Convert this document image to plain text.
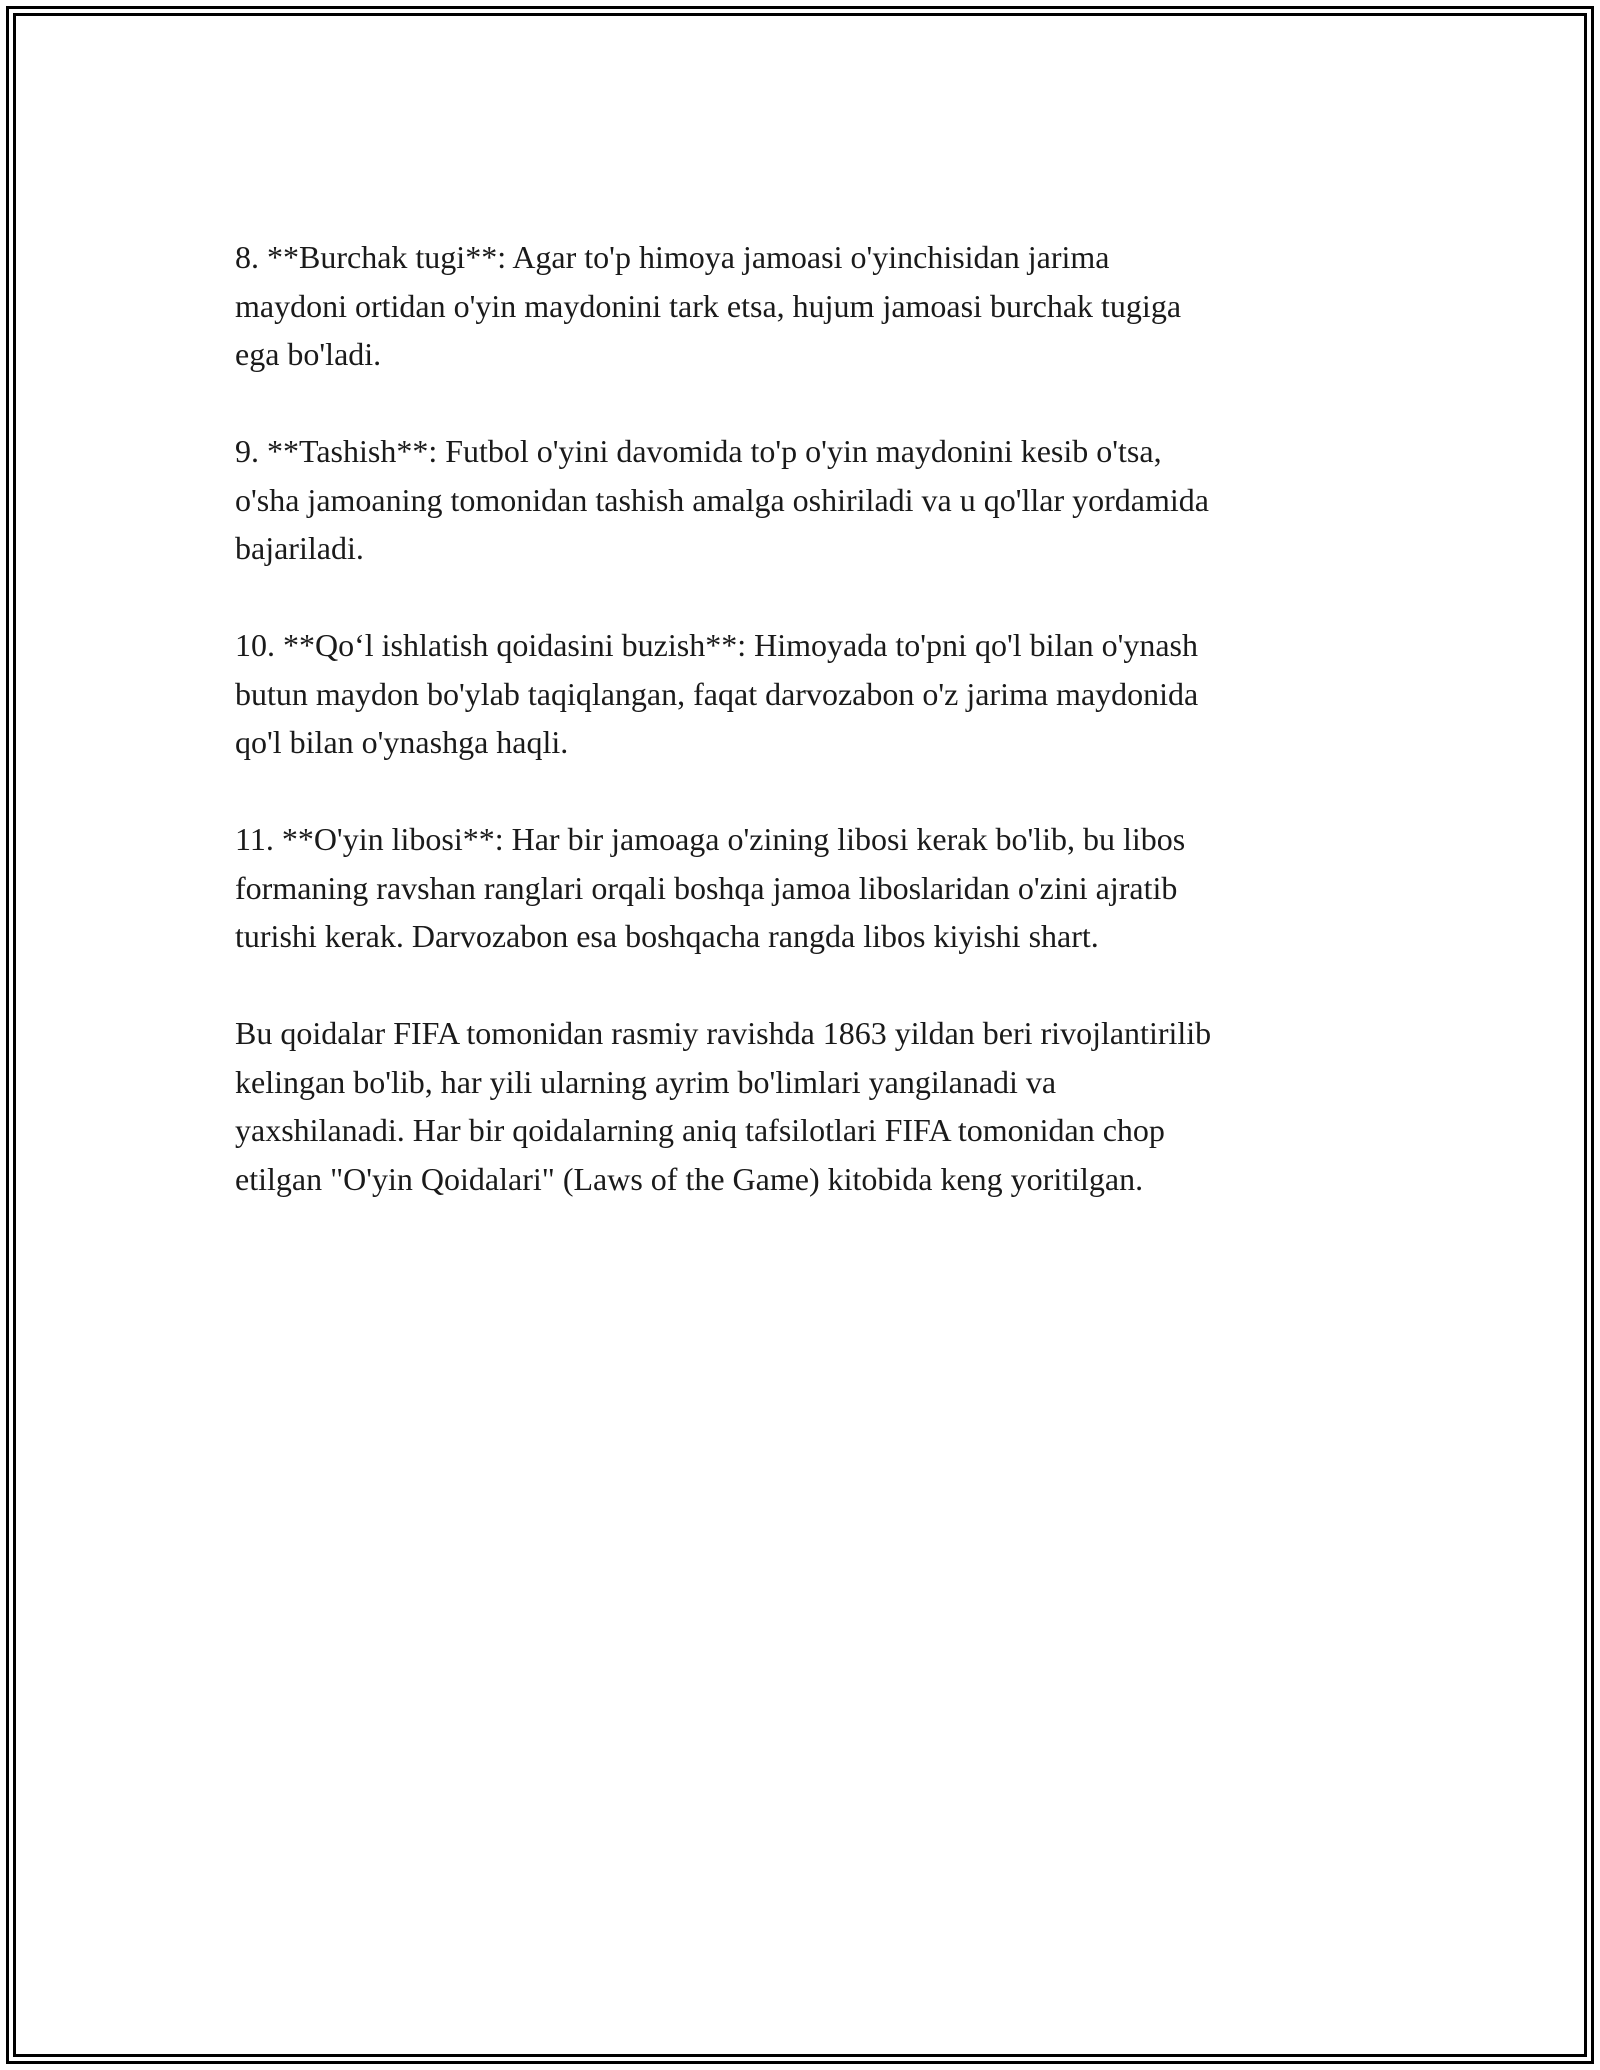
8. **Burchak tugi**: Agar to'p himoya jamoasi o'yinchisidan jarima
maydoni ortidan o'yin maydonini tark etsa, hujum jamoasi burchak tugiga
ega bo'ladi.

9. **Tashish**: Futbol o'yini davomida to'p o'yin maydonini kesib o'tsa,
o'sha jamoaning tomonidan tashish amalga oshiriladi va u qo'llar yordamida
bajariladi.

10. **Qo‘l ishlatish qoidasini buzish**: Himoyada to'pni qo'l bilan o'ynash
butun maydon bo'ylab taqiqlangan, faqat darvozabon o'z jarima maydonida
qo'l bilan o'ynashga haqli.

11. **O'yin libosi**: Har bir jamoaga o'zining libosi kerak bo'lib, bu libos
formaning ravshan ranglari orqali boshqa jamoa liboslaridan o'zini ajratib
turishi kerak. Darvozabon esa boshqacha rangda libos kiyishi shart.

Bu qoidalar FIFA tomonidan rasmiy ravishda 1863 yildan beri rivojlantirilib
kelingan bo'lib, har yili ularning ayrim bo'limlari yangilanadi va
yaxshilanadi. Har bir qoidalarning aniq tafsilotlari FIFA tomonidan chop
etilgan "O'yin Qoidalari" (Laws of the Game) kitobida keng yoritilgan.
